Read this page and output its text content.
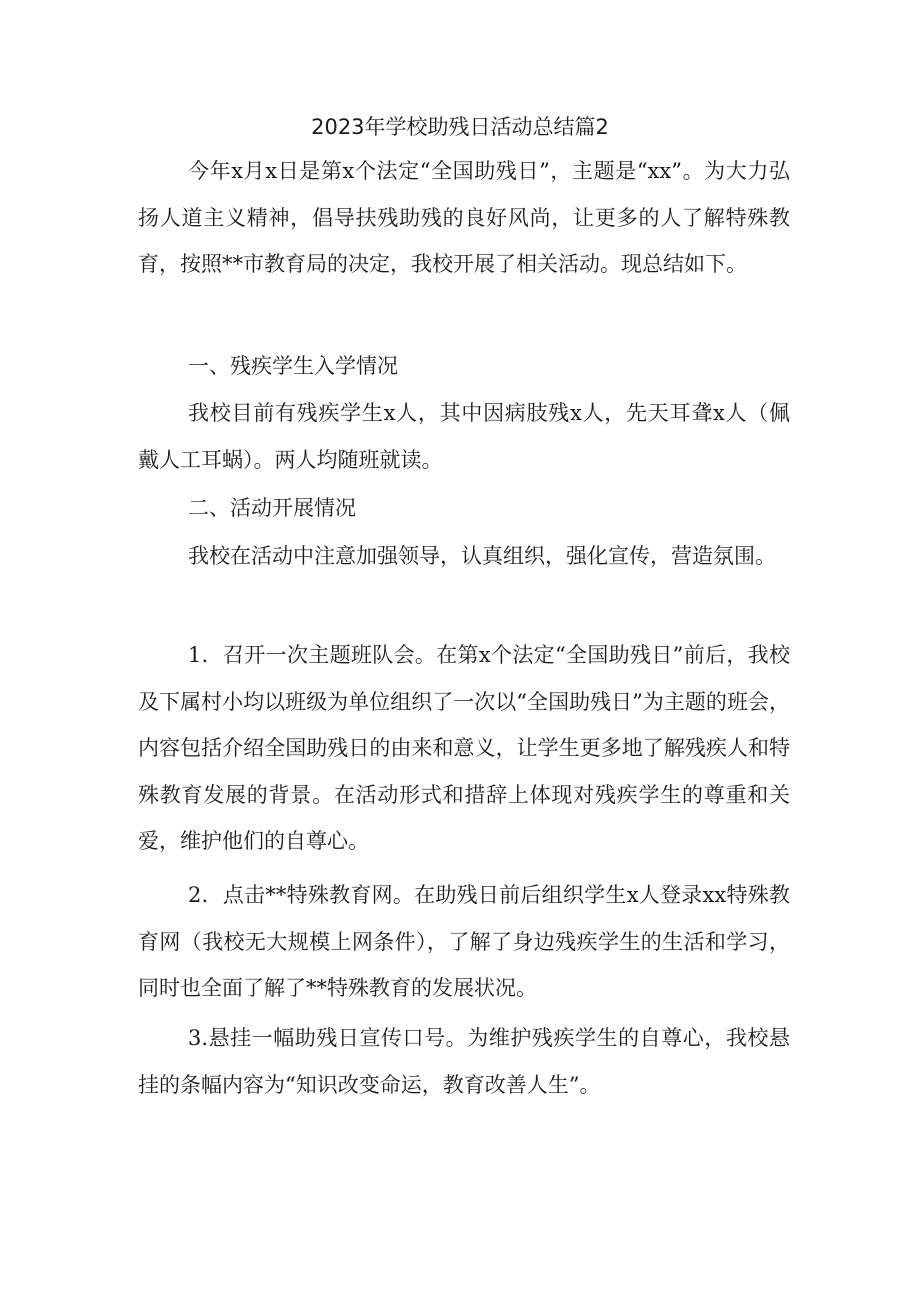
2023年学校助残日活动总结篇2

今年x月x日是第x个法定“全国助残日”，主题是“xx”。为大力弘扬人道主义精神，倡导扶残助残的良好风尚，让更多的人了解特殊教育，按照**市教育局的决定，我校开展了相关活动。现总结如下。

一、残疾学生入学情况

我校目前有残疾学生x人，其中因病肢残x人，先天耳聋x人（佩戴人工耳蜗）。两人均随班就读。

二、活动开展情况

我校在活动中注意加强领导，认真组织，强化宣传，营造氛围。

1．召开一次主题班队会。在第x个法定“全国助残日”前后，我校及下属村小均以班级为单位组织了一次以“全国助残日”为主题的班会，内容包括介绍全国助残日的由来和意义，让学生更多地了解残疾人和特殊教育发展的背景。在活动形式和措辞上体现对残疾学生的尊重和关爱，维护他们的自尊心。

2．点击**特殊教育网。在助残日前后组织学生x人登录xx特殊教育网（我校无大规模上网条件），了解了身边残疾学生的生活和学习，同时也全面了解了**特殊教育的发展状况。

3.悬挂一幅助残日宣传口号。为维护残疾学生的自尊心，我校悬挂的条幅内容为“知识改变命运，教育改善人生”。
